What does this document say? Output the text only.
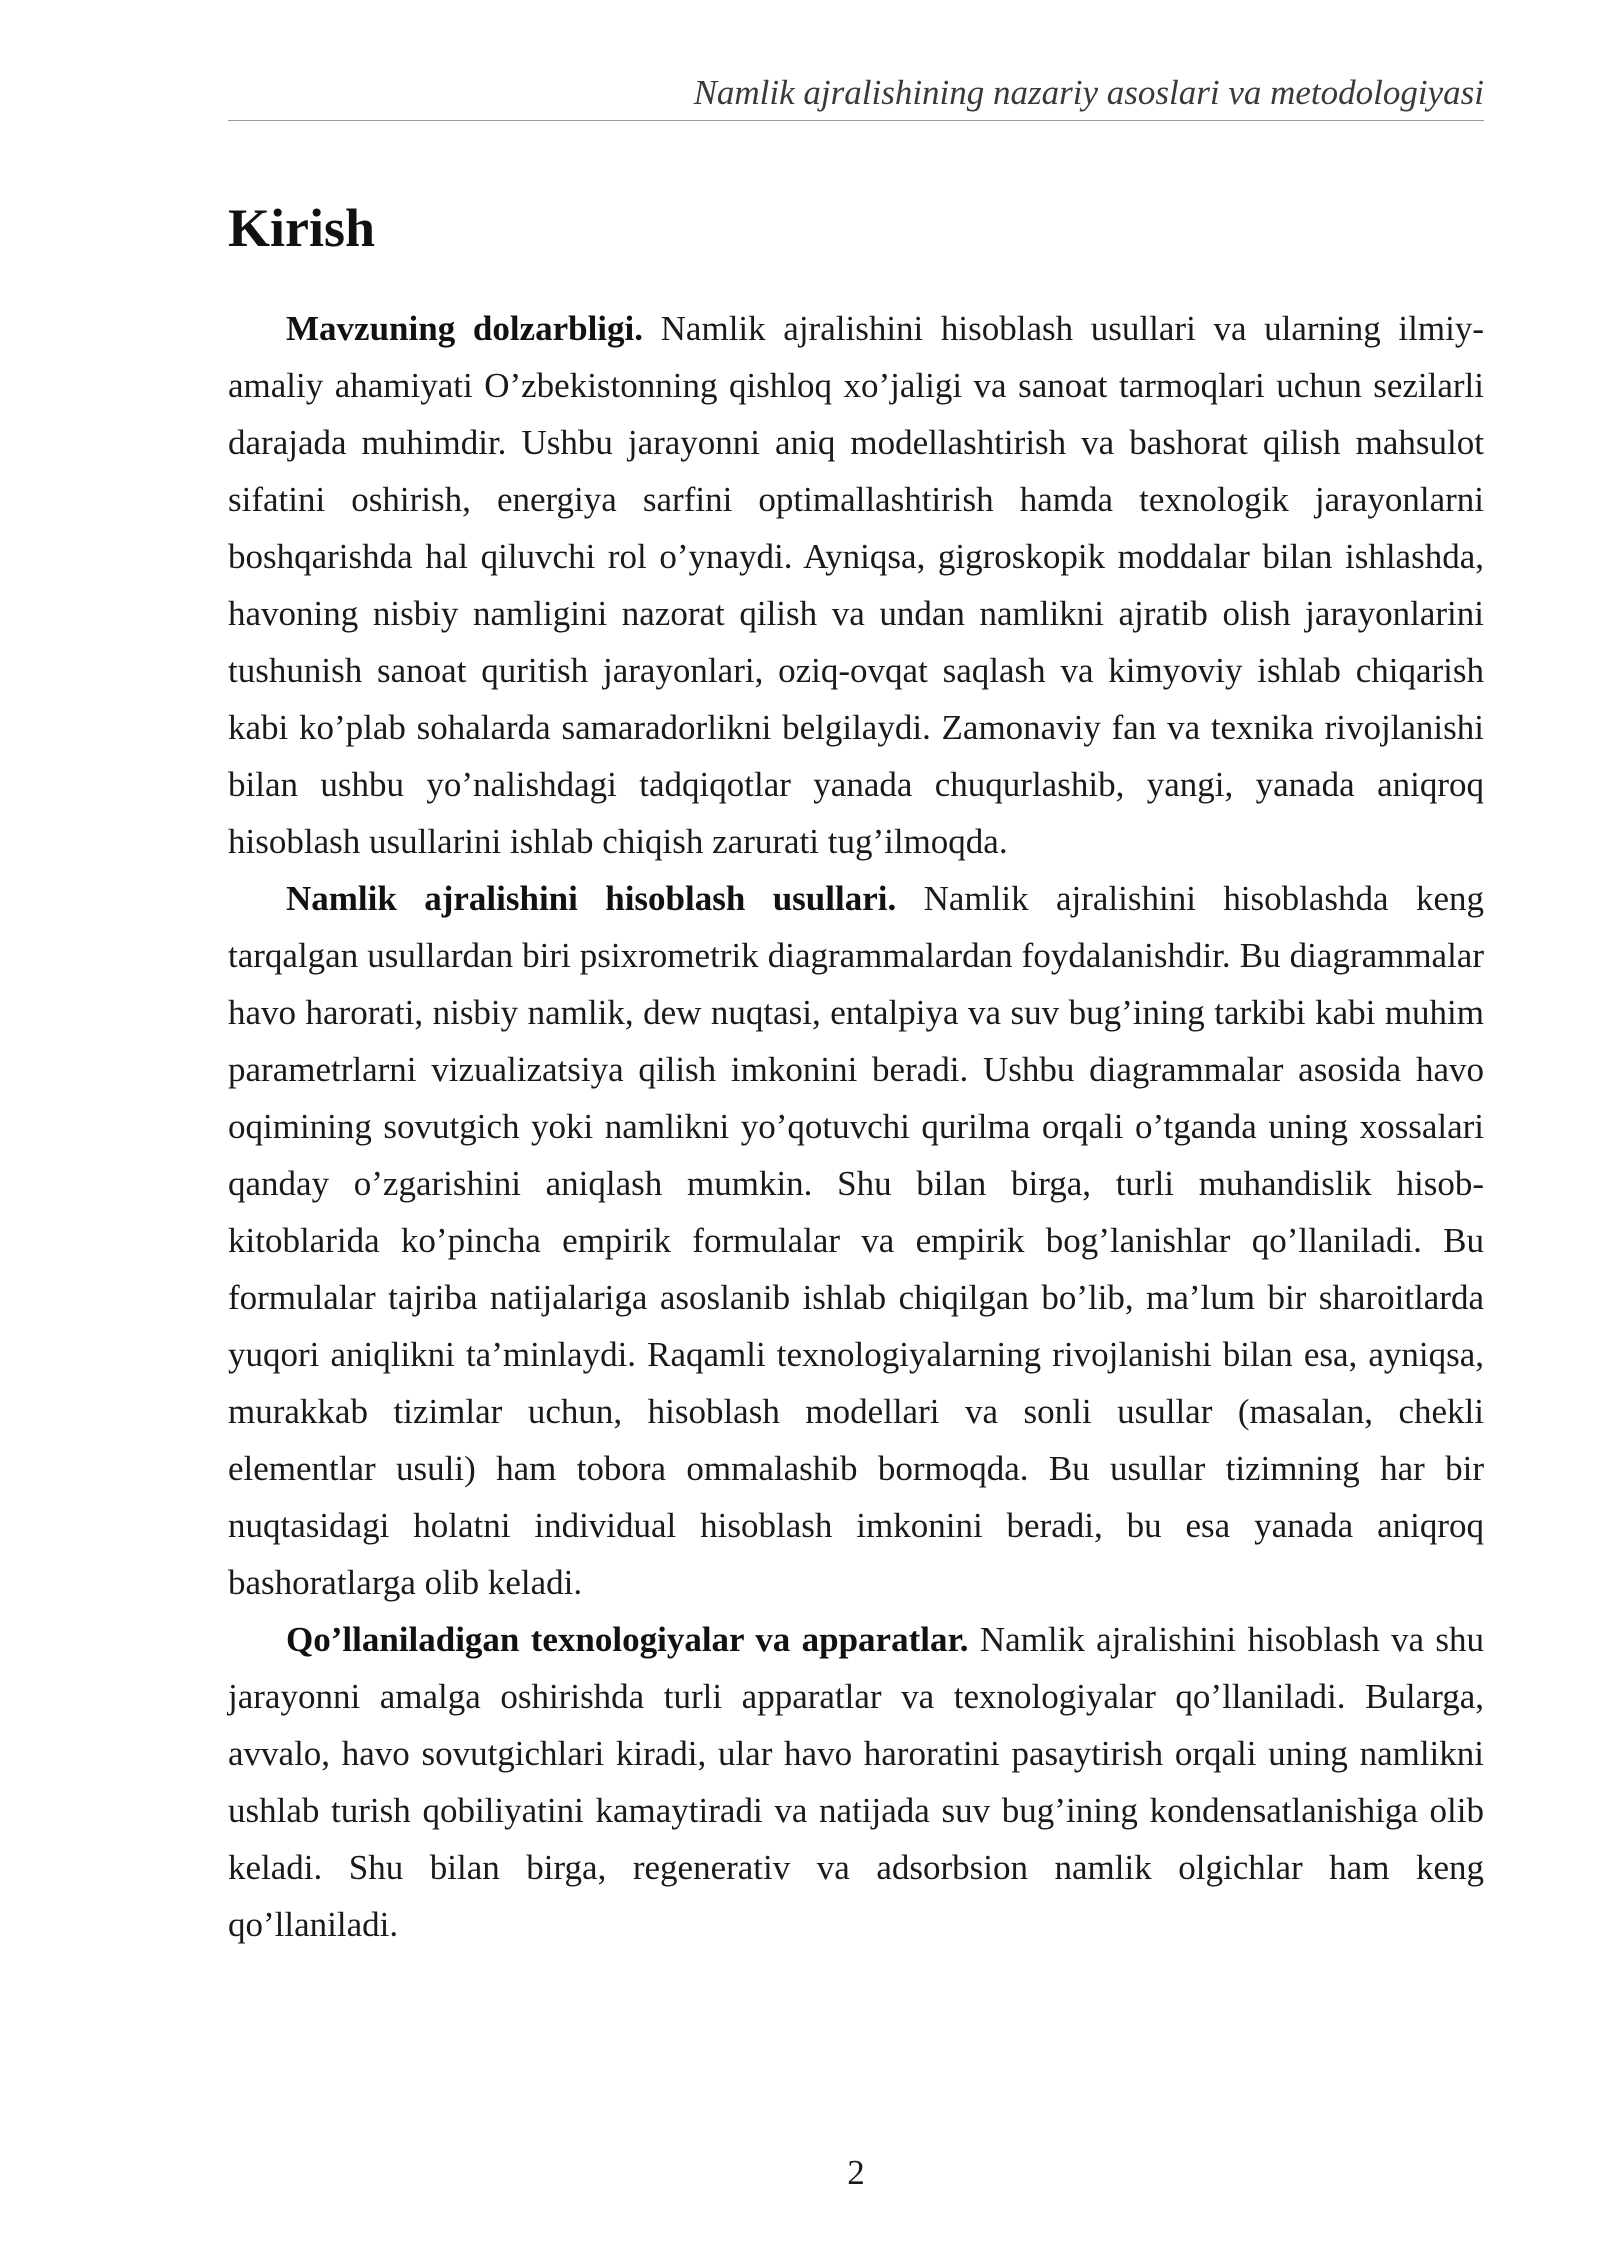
Namlik ajralishining nazariy asoslari va metodologiyasi
Kirish

Mavzuning dolzarbligi. Namlik ajralishini hisoblash usullari va ularning ilmiy-amaliy ahamiyati O’zbekistonning qishloq xo’jaligi va sanoat tarmoqlari uchun sezilarli darajada muhimdir. Ushbu jarayonni aniq modellashtirish va bashorat qilish mahsulot sifatini oshirish, energiya sarfini optimallashtirish hamda texnologik jarayonlarni boshqarishda hal qiluvchi rol o’ynaydi. Ayniqsa, gigroskopik moddalar bilan ishlashda, havoning nisbiy namligini nazorat qilish va undan namlikni ajratib olish jarayonlarini tushunish sanoat quritish jarayonlari, oziq-ovqat saqlash va kimyoviy ishlab chiqarish kabi ko’plab sohalarda samaradorlikni belgilaydi. Zamonaviy fan va texnika rivojlanishi bilan ushbu yo’nalishdagi tadqiqotlar yanada chuqurlashib, yangi, yanada aniqroq hisoblash usullarini ishlab chiqish zarurati tug’ilmoqda.

Namlik ajralishini hisoblash usullari. Namlik ajralishini hisoblashda keng tarqalgan usullardan biri psixrometrik diagrammalardan foydalanishdir. Bu diagrammalar havo harorati, nisbiy namlik, dew nuqtasi, entalpiya va suv bug’ining tarkibi kabi muhim parametrlarni vizualizatsiya qilish imkonini beradi. Ushbu diagrammalar asosida havo oqimining sovutgich yoki namlikni yo’qotuvchi qurilma orqali o’tganda uning xossalari qanday o’zgarishini aniqlash mumkin. Shu bilan birga, turli muhandislik hisob-kitoblarida ko’pincha empirik formulalar va empirik bog’lanishlar qo’llaniladi. Bu formulalar tajriba natijalariga asoslanib ishlab chiqilgan bo’lib, ma’lum bir sharoitlarda yuqori aniqlikni ta’minlaydi. Raqamli texnologiyalarning rivojlanishi bilan esa, ayniqsa, murakkab tizimlar uchun, hisoblash modellari va sonli usullar (masalan, chekli elementlar usuli) ham tobora ommalashib bormoqda. Bu usullar tizimning har bir nuqtasidagi holatni individual hisoblash imkonini beradi, bu esa yanada aniqroq bashoratlarga olib keladi.

Qo’llaniladigan texnologiyalar va apparatlar. Namlik ajralishini hisoblash va shu jarayonni amalga oshirishda turli apparatlar va texnologiyalar qo’llaniladi. Bularga, avvalo, havo sovutgichlari kiradi, ular havo haroratini pasaytirish orqali uning namlikni ushlab turish qobiliyatini kamaytiradi va natijada suv bug’ining kondensatlanishiga olib keladi. Shu bilan birga, regenerativ va adsorbsion namlik olgichlar ham keng qo’llaniladi.

2
